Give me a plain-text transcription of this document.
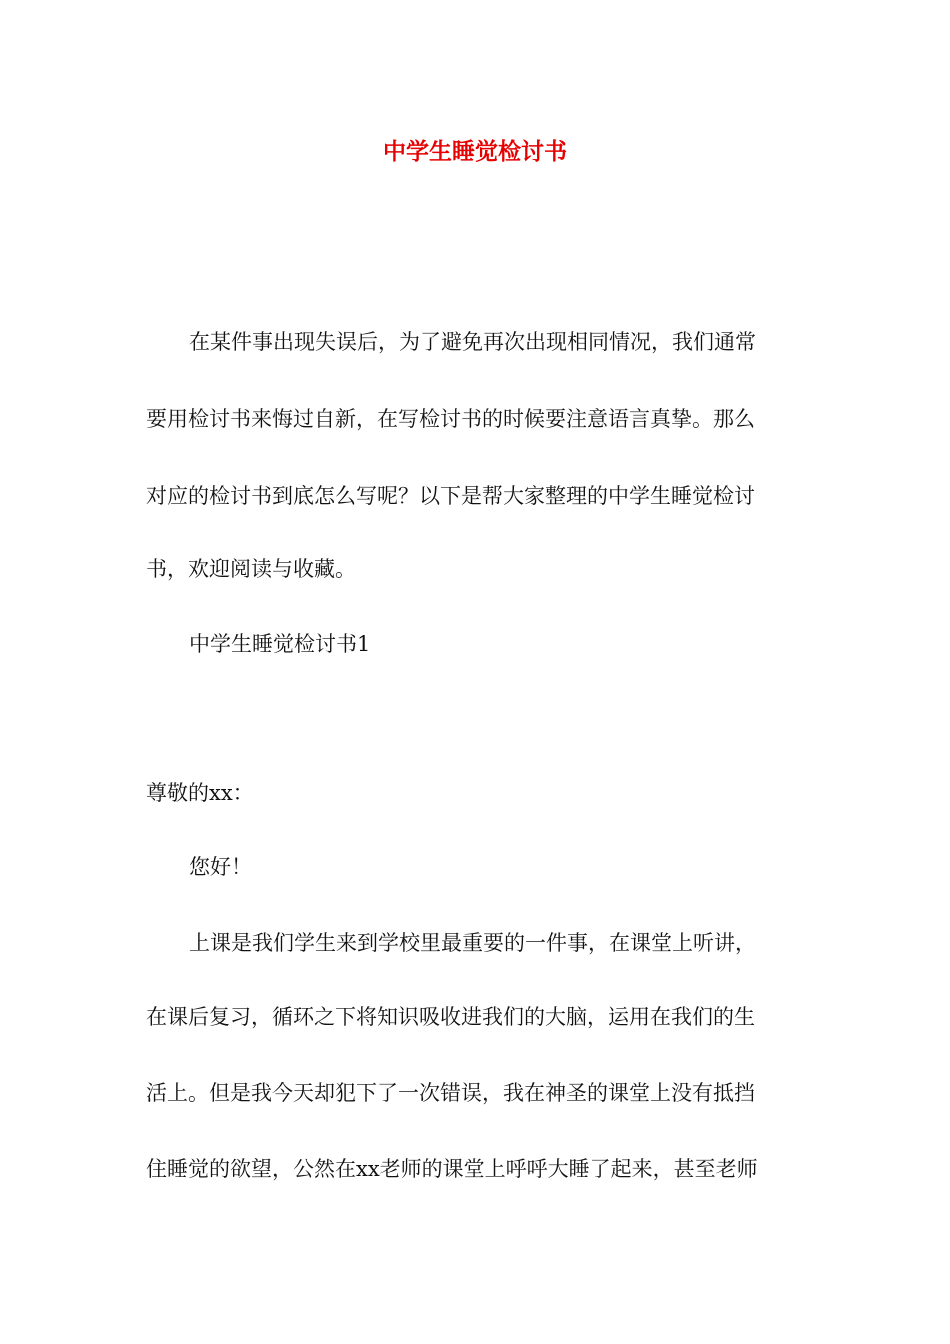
中学生睡觉检讨书
在某件事出现失误后，为了避免再次出现相同情况，我们通常
要用检讨书来悔过自新，在写检讨书的时候要注意语言真挚。那么
对应的检讨书到底怎么写呢？以下是帮大家整理的中学生睡觉检讨
书，欢迎阅读与收藏。
中学生睡觉检讨书1
尊敬的xx：
您好！
上课是我们学生来到学校里最重要的一件事，在课堂上听讲，
在课后复习，循环之下将知识吸收进我们的大脑，运用在我们的生
活上。但是我今天却犯下了一次错误，我在神圣的课堂上没有抵挡
住睡觉的欲望，公然在xx老师的课堂上呼呼大睡了起来，甚至老师
